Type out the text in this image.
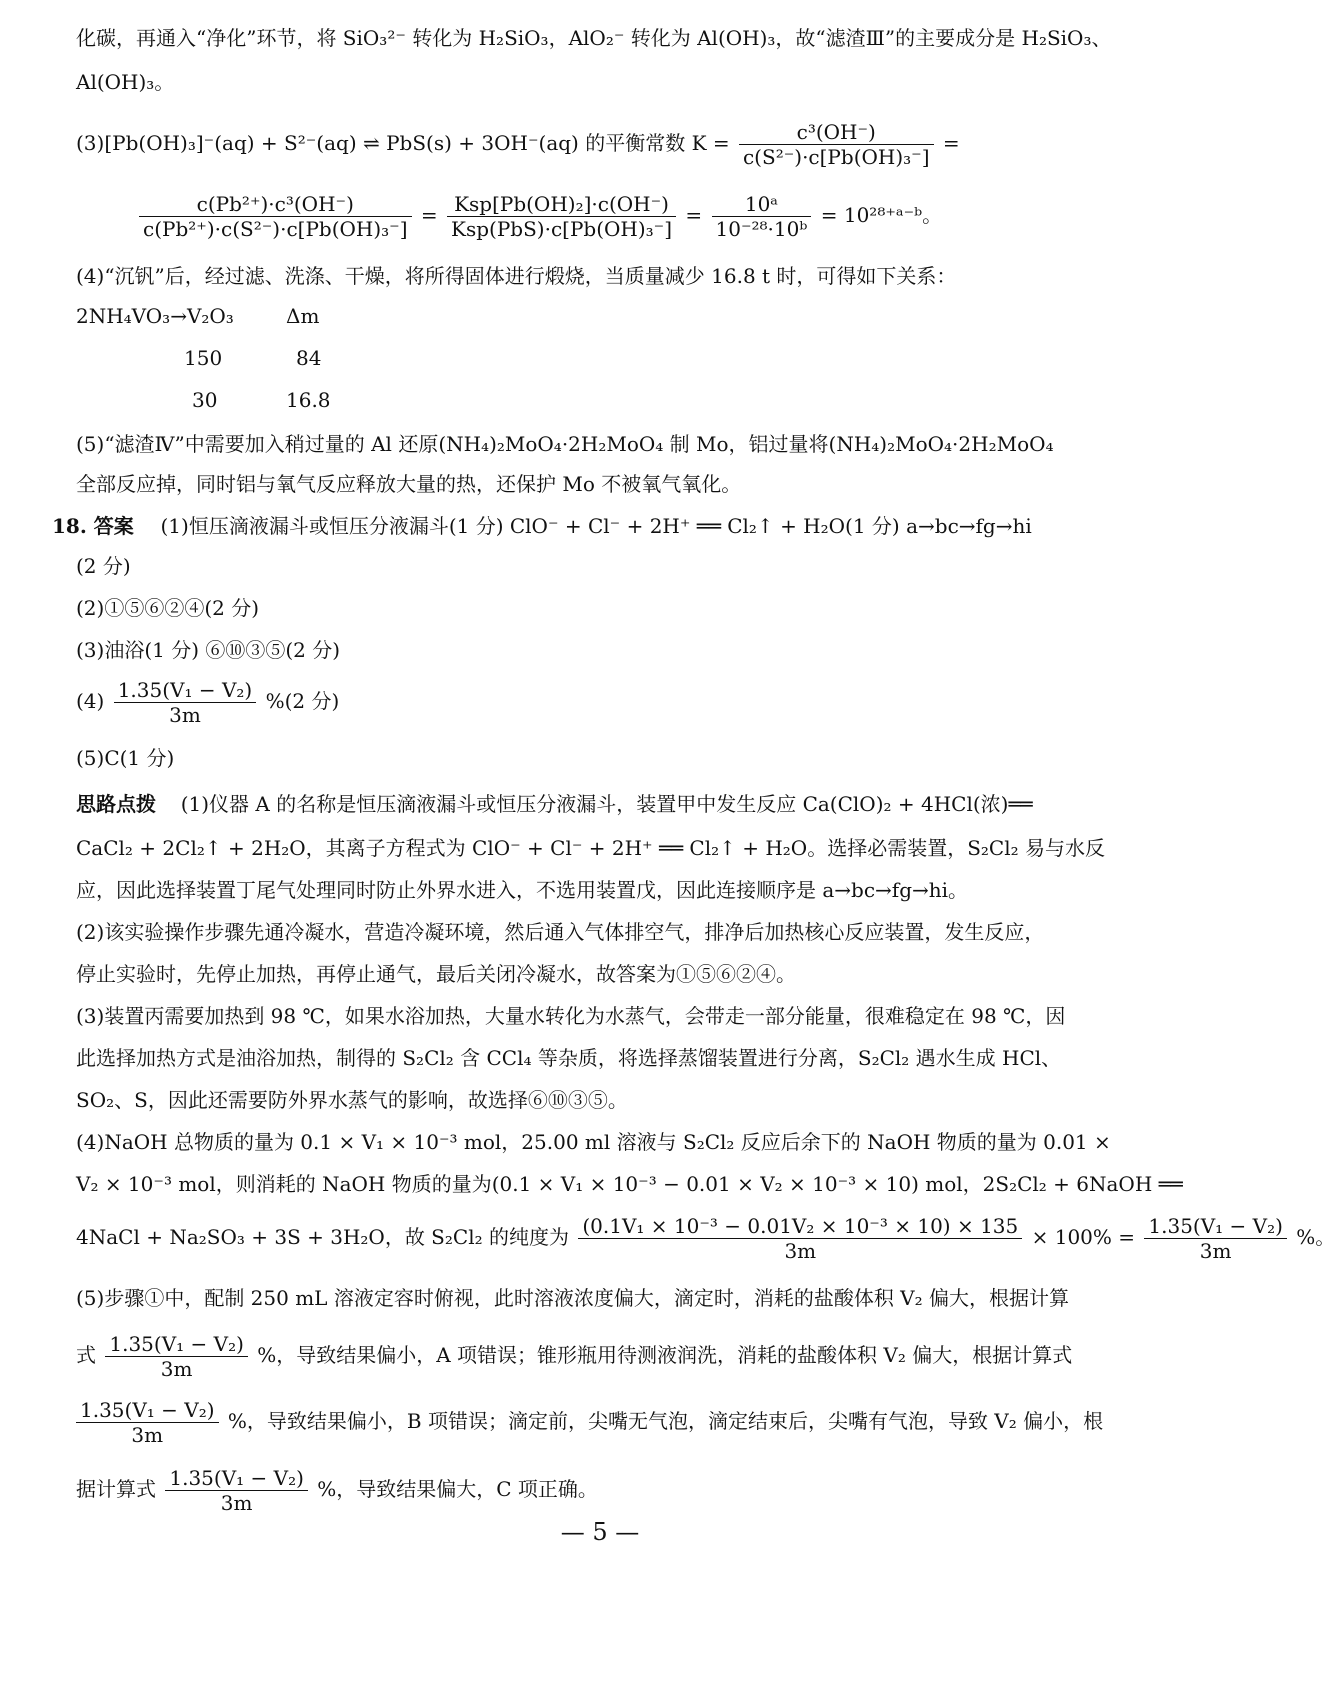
化碳，再通入“净化”环节，将 SiO₃²⁻ 转化为 H₂SiO₃，AlO₂⁻ 转化为 Al(OH)₃，故“滤渣Ⅲ”的主要成分是 H₂SiO₃、
Al(OH)₃。
(3)[Pb(OH)₃]⁻(aq) + S²⁻(aq) ⇌ PbS(s) + 3OH⁻(aq) 的平衡常数 $K = \frac{\text{c³(OH⁻)}}{\text{c(S²⁻)·c[Pb(OH)₃⁻]}}$ =
$\frac{\text{c(Pb²⁺)·c³(OH⁻)}}{\text{c(Pb²⁺)·c(S²⁻)·c[Pb(OH)₃⁻]}} = \frac{\text{Ksp[Pb(OH)₂]·c(OH⁻)}}{\text{Ksp(PbS)·c[Pb(OH)₃⁻]}} = \frac{\text{10ᵃ}}{\text{10⁻²⁸·10ᵇ}}$ = 10²⁸⁺ᵃ⁻ᵇ。
(4)“沉钒”后，经过滤、洗涤、干燥，将所得固体进行煅烧，当质量减少 16.8 t 时，可得如下关系：
2NH₄VO₃→V₂O₃	Δm
150	84
30	16.8
(5)“滤渣Ⅳ”中需要加入稍过量的 Al 还原(NH₄)₂MoO₄·2H₂MoO₄ 制 Mo，铝过量将(NH₄)₂MoO₄·2H₂MoO₄
全部反应掉，同时铝与氧气反应释放大量的热，还保护 Mo 不被氧气氧化。
18. 答案 (1)恒压滴液漏斗或恒压分液漏斗(1 分) ClO⁻ + Cl⁻ + 2H⁺ ══ Cl₂↑ + H₂O(1 分) a→bc→fg→hi
(2 分)
(2)①⑤⑥②④(2 分)
(3)油浴(1 分) ⑥⑩③⑤(2 分)
$(4) \frac{\text{1.35(V₁ − V₂)}}{3m} \%(2$ 分)
(5)C(1 分)
思路点拨 (1)仪器 A 的名称是恒压滴液漏斗或恒压分液漏斗，装置甲中发生反应 Ca(ClO)₂ + 4HCl(浓)══
CaCl₂ + 2Cl₂↑ + 2H₂O，其离子方程式为 ClO⁻ + Cl⁻ + 2H⁺ ══ Cl₂↑ + H₂O。选择必需装置，S₂Cl₂ 易与水反
应，因此选择装置丁尾气处理同时防止外界水进入，不选用装置戊，因此连接顺序是 a→bc→fg→hi。
(2)该实验操作步骤先通冷凝水，营造冷凝环境，然后通入气体排空气，排净后加热核心反应装置，发生反应，
停止实验时，先停止加热，再停止通气，最后关闭冷凝水，故答案为①⑤⑥②④。
(3)装置丙需要加热到 98 ℃，如果水浴加热，大量水转化为水蒸气，会带走一部分能量，很难稳定在 98 ℃，因
此选择加热方式是油浴加热，制得的 S₂Cl₂ 含 CCl₄ 等杂质，将选择蒸馏装置进行分离，S₂Cl₂ 遇水生成 HCl、
SO₂、S，因此还需要防外界水蒸气的影响，故选择⑥⑩③⑤。
(4)NaOH 总物质的量为 0.1 × V₁ × 10⁻³ mol，25.00 ml 溶液与 S₂Cl₂ 反应后余下的 NaOH 物质的量为 0.01 ×
V₂ × 10⁻³ mol，则消耗的 NaOH 物质的量为(0.1 × V₁ × 10⁻³ − 0.01 × V₂ × 10⁻³ × 10) mol，2S₂Cl₂ + 6NaOH ══
4NaCl + Na₂SO₃ + 3S + 3H₂O，故 S₂Cl₂ 的纯度为 $\frac{\text{(0.1V₁ × 10⁻³ − 0.01V₂ × 10⁻³ × 10) × 135}}{3m} \times 100\% = \frac{\text{1.35(V₁ − V₂)}}{3m}$ %。
(5)步骤①中，配制 250 mL 溶液定容时俯视，此时溶液浓度偏大，滴定时，消耗的盐酸体积 V₂ 偏大，根据计算
式 $\frac{\text{1.35(V₁ − V₂)}}{3m}$ %，导致结果偏小，A 项错误；锥形瓶用待测液润洗，消耗的盐酸体积 V₂ 偏大，根据计算式
$\frac{\text{1.35(V₁ − V₂)}}{3m}$ %，导致结果偏小，B 项错误；滴定前，尖嘴无气泡，滴定结束后，尖嘴有气泡，导致 V₂ 偏小，根
据计算式 $\frac{\text{1.35(V₁ − V₂)}}{3m}$ %，导致结果偏大，C 项正确。
— 5 —
